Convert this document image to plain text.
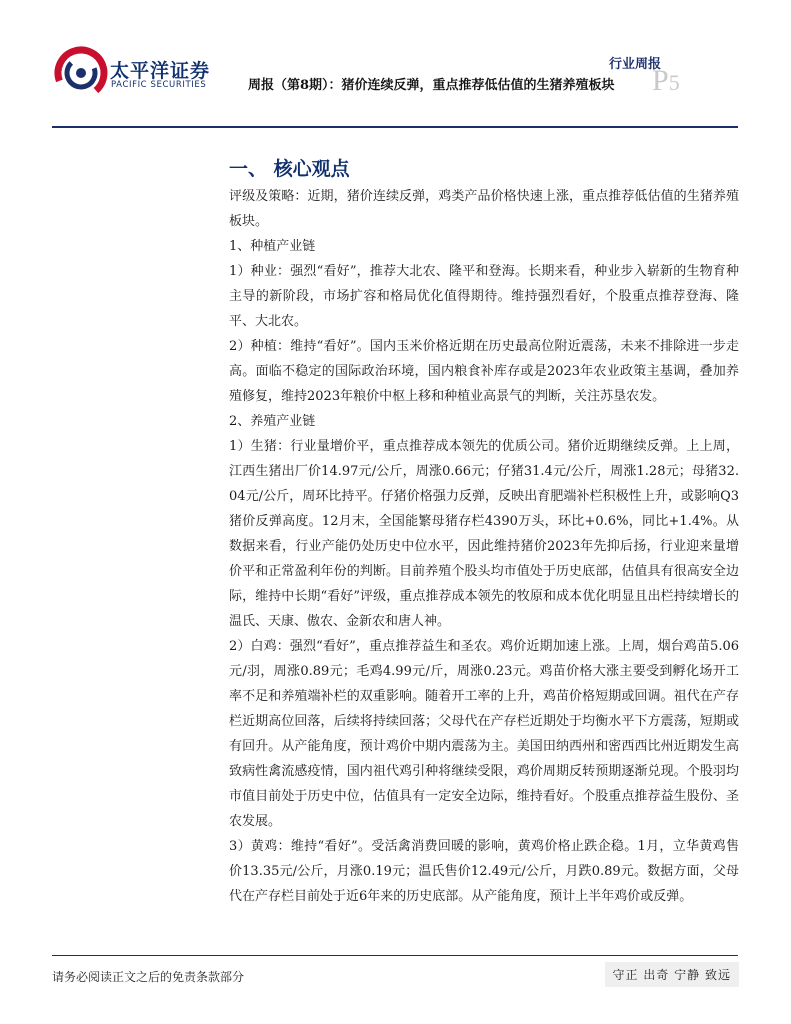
太平洋证券
PACIFIC SECURITIES
行业周报
周报（第8期）：猪价连续反弹，重点推荐低估值的生猪养殖板块 P5
一、 核心观点

评级及策略：近期，猪价连续反弹，鸡类产品价格快速上涨，重点推荐低估值的生猪养殖板块。

1、种植产业链

1）种业：强烈“看好”，推荐大北农、隆平和登海。长期来看，种业步入崭新的生物育种主导的新阶段，市场扩容和格局优化值得期待。维持强烈看好，个股重点推荐登海、隆平、大北农。

2）种植：维持“看好”。国内玉米价格近期在历史最高位附近震荡，未来不排除进一步走高。面临不稳定的国际政治环境，国内粮食补库存或是2023年农业政策主基调，叠加养殖修复，维持2023年粮价中枢上移和种植业高景气的判断，关注苏垦农发。

2、养殖产业链

1）生猪：行业量增价平，重点推荐成本领先的优质公司。猪价近期继续反弹。上上周，江西生猪出厂价14.97元/公斤，周涨0.66元；仔猪31.4元/公斤，周涨1.28元；母猪32.04元/公斤，周环比持平。仔猪价格强力反弹，反映出育肥端补栏积极性上升，或影响Q3猪价反弹高度。12月末，全国能繁母猪存栏4390万头，环比+0.6%，同比+1.4%。从数据来看，行业产能仍处历史中位水平，因此维持猪价2023年先抑后扬，行业迎来量增价平和正常盈利年份的判断。目前养殖个股头均市值处于历史底部，估值具有很高安全边际，维持中长期“看好”评级，重点推荐成本领先的牧原和成本优化明显且出栏持续增长的温氏、天康、傲农、金新农和唐人神。

2）白鸡：强烈“看好”，重点推荐益生和圣农。鸡价近期加速上涨。上周，烟台鸡苗5.06元/羽，周涨0.89元；毛鸡4.99元/斤，周涨0.23元。鸡苗价格大涨主要受到孵化场开工率不足和养殖端补栏的双重影响。随着开工率的上升，鸡苗价格短期或回调。祖代在产存栏近期高位回落，后续将持续回落；父母代在产存栏近期处于均衡水平下方震荡，短期或有回升。从产能角度，预计鸡价中期内震荡为主。美国田纳西州和密西西比州近期发生高致病性禽流感疫情，国内祖代鸡引种将继续受限，鸡价周期反转预期逐渐兑现。个股羽均市值目前处于历史中位，估值具有一定安全边际，维持看好。个股重点推荐益生股份、圣农发展。

3）黄鸡：维持“看好”。受活禽消费回暖的影响，黄鸡价格止跌企稳。1月，立华黄鸡售价13.35元/公斤，月涨0.19元；温氏售价12.49元/公斤，月跌0.89元。数据方面，父母代在产存栏目前处于近6年来的历史底部。从产能角度，预计上半年鸡价或反弹。

请务必阅读正文之后的免责条款部分	守正 出奇 宁静 致远
